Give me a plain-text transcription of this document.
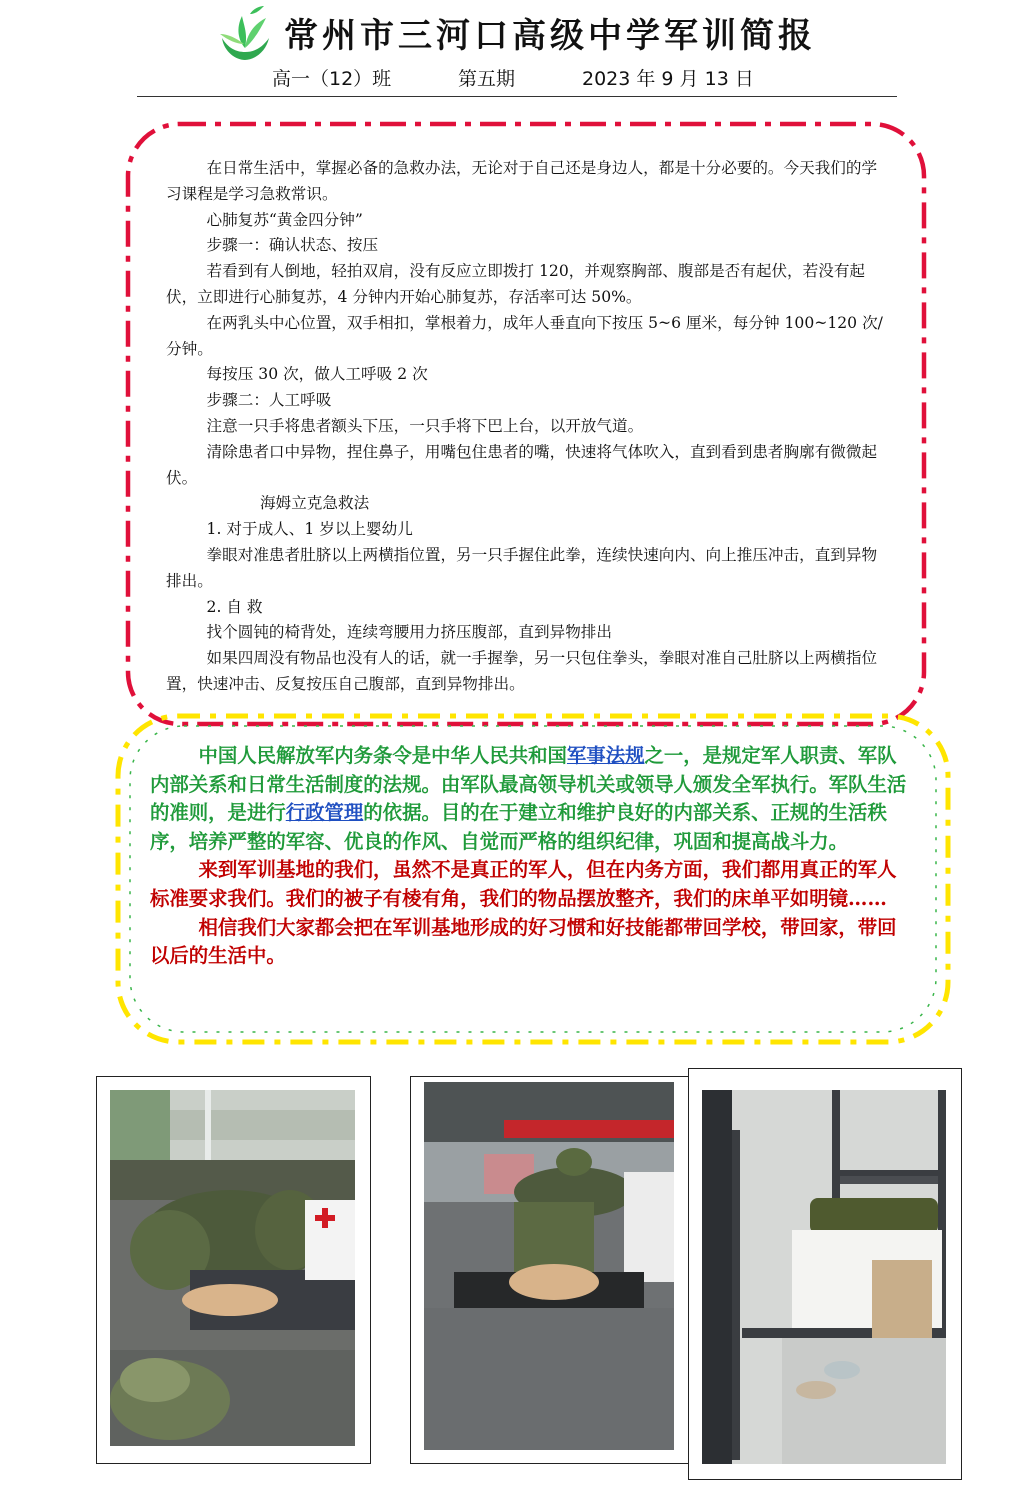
常州市三河口高级中学军训简报
高一（12）班	第五期	2023 年 9 月 13 日

在日常生活中，掌握必备的急救办法，无论对于自己还是身边人，都是十分必要的。今天我们的学习课程是学习急救常识。

心肺复苏“黄金四分钟”

步骤一：确认状态、按压

若看到有人倒地，轻拍双肩，没有反应立即拨打 120，并观察胸部、腹部是否有起伏，若没有起伏，立即进行心肺复苏，4 分钟内开始心肺复苏，存活率可达 50%。

在两乳头中心位置，双手相扣，掌根着力，成年人垂直向下按压 5~6 厘米，每分钟 100~120 次/分钟。

每按压 30 次，做人工呼吸 2 次

步骤二：人工呼吸

注意一只手将患者额头下压，一只手将下巴上台，以开放气道。

清除患者口中异物，捏住鼻子，用嘴包住患者的嘴，快速将气体吹入，直到看到患者胸廓有微微起伏。

海姆立克急救法

1. 对于成人、1 岁以上婴幼儿

拳眼对准患者肚脐以上两横指位置，另一只手握住此拳，连续快速向内、向上推压冲击，直到异物排出。

2. 自 救

找个圆钝的椅背处，连续弯腰用力挤压腹部，直到异物排出

如果四周没有物品也没有人的话，就一手握拳，另一只包住拳头，拳眼对准自己肚脐以上两横指位置，快速冲击、反复按压自己腹部，直到异物排出。

中国人民解放军内务条令是中华人民共和国军事法规之一，是规定军人职责、军队内部关系和日常生活制度的法规。由军队最高领导机关或领导人颁发全军执行。军队生活的准则，是进行行政管理的依据。目的在于建立和维护良好的内部关系、正规的生活秩序，培养严整的军容、优良的作风、自觉而严格的组织纪律，巩固和提高战斗力。

来到军训基地的我们，虽然不是真正的军人，但在内务方面，我们都用真正的军人标准要求我们。我们的被子有棱有角，我们的物品摆放整齐，我们的床单平如明镜……

相信我们大家都会把在军训基地形成的好习惯和好技能都带回学校，带回家，带回以后的生活中。
